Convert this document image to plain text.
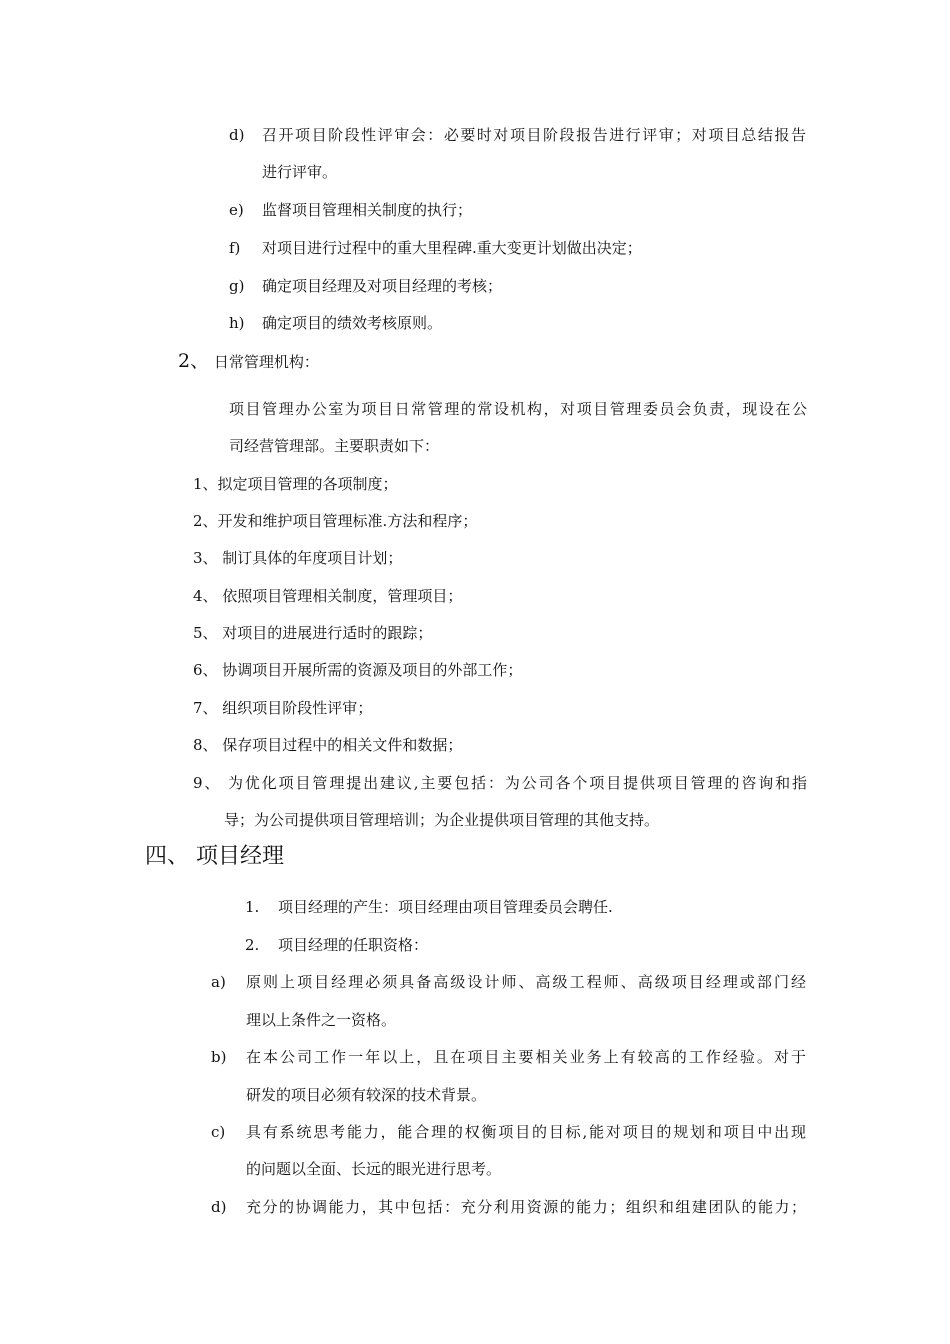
d) 召开项目阶段性评审会：必要时对项目阶段报告进行评审；对项目总结报告
进行评审。
e) 监督项目管理相关制度的执行；
f) 对项目进行过程中的重大里程碑.重大变更计划做出决定；
g) 确定项目经理及对项目经理的考核；
h) 确定项目的绩效考核原则。
2、 日常管理机构：
项目管理办公室为项目日常管理的常设机构，对项目管理委员会负责，现设在公
司经营管理部。主要职责如下：
1、拟定项目管理的各项制度；
2、开发和维护项目管理标准.方法和程序；
3、 制订具体的年度项目计划；
4、 依照项目管理相关制度，管理项目；
5、 对项目的进展进行适时的跟踪；
6、 协调项目开展所需的资源及项目的外部工作；
7、 组织项目阶段性评审；
8、 保存项目过程中的相关文件和数据；
9、 为优化项目管理提出建议,主要包括：为公司各个项目提供项目管理的咨询和指
导；为公司提供项目管理培训；为企业提供项目管理的其他支持。
四、 项目经理
1. 项目经理的产生：项目经理由项目管理委员会聘任.
2. 项目经理的任职资格：
a) 原则上项目经理必须具备高级设计师、高级工程师、高级项目经理或部门经
理以上条件之一资格。
b) 在本公司工作一年以上，且在项目主要相关业务上有较高的工作经验。对于
研发的项目必须有较深的技术背景。
c) 具有系统思考能力，能合理的权衡项目的目标,能对项目的规划和项目中出现
的问题以全面、长远的眼光进行思考。
d) 充分的协调能力，其中包括：充分利用资源的能力；组织和组建团队的能力；
